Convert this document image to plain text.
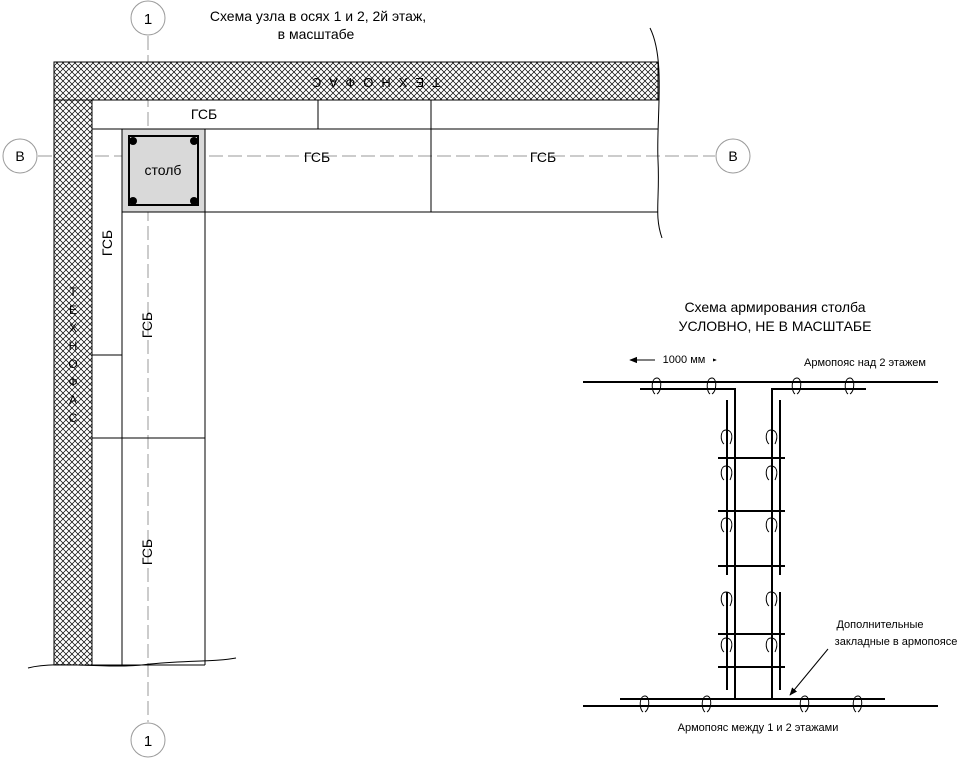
1
1
В	В
Схема узла в осях 1 и 2, 2й этаж,
в масштабе
ТЕХНОФАС
Т
Е
Х
Н
О
Ф
А
С
столб
ГСБ
ГСБ	ГСБ
ГСБ
ГСБ
ГСБ
Схема армирования столба
УСЛОВНО, НЕ В МАСШТАБЕ
1000 мм	Армопояс над 2 этажем
Дополнительные
закладные в армопоясе
Армопояс между 1 и 2 этажами
